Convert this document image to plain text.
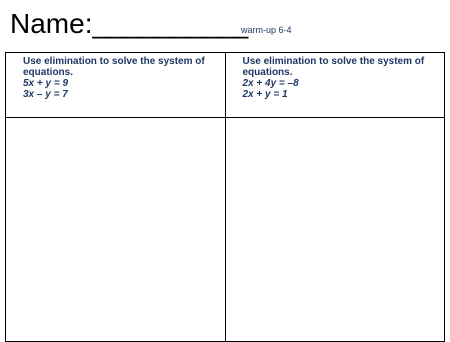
Name:__________
warm-up 6-4
Use elimination to solve the system of
equations.
5x + y = 9
3x – y = 7	Use elimination to solve the system of
equations.
2x + 4y = –8
2x + y = 1
